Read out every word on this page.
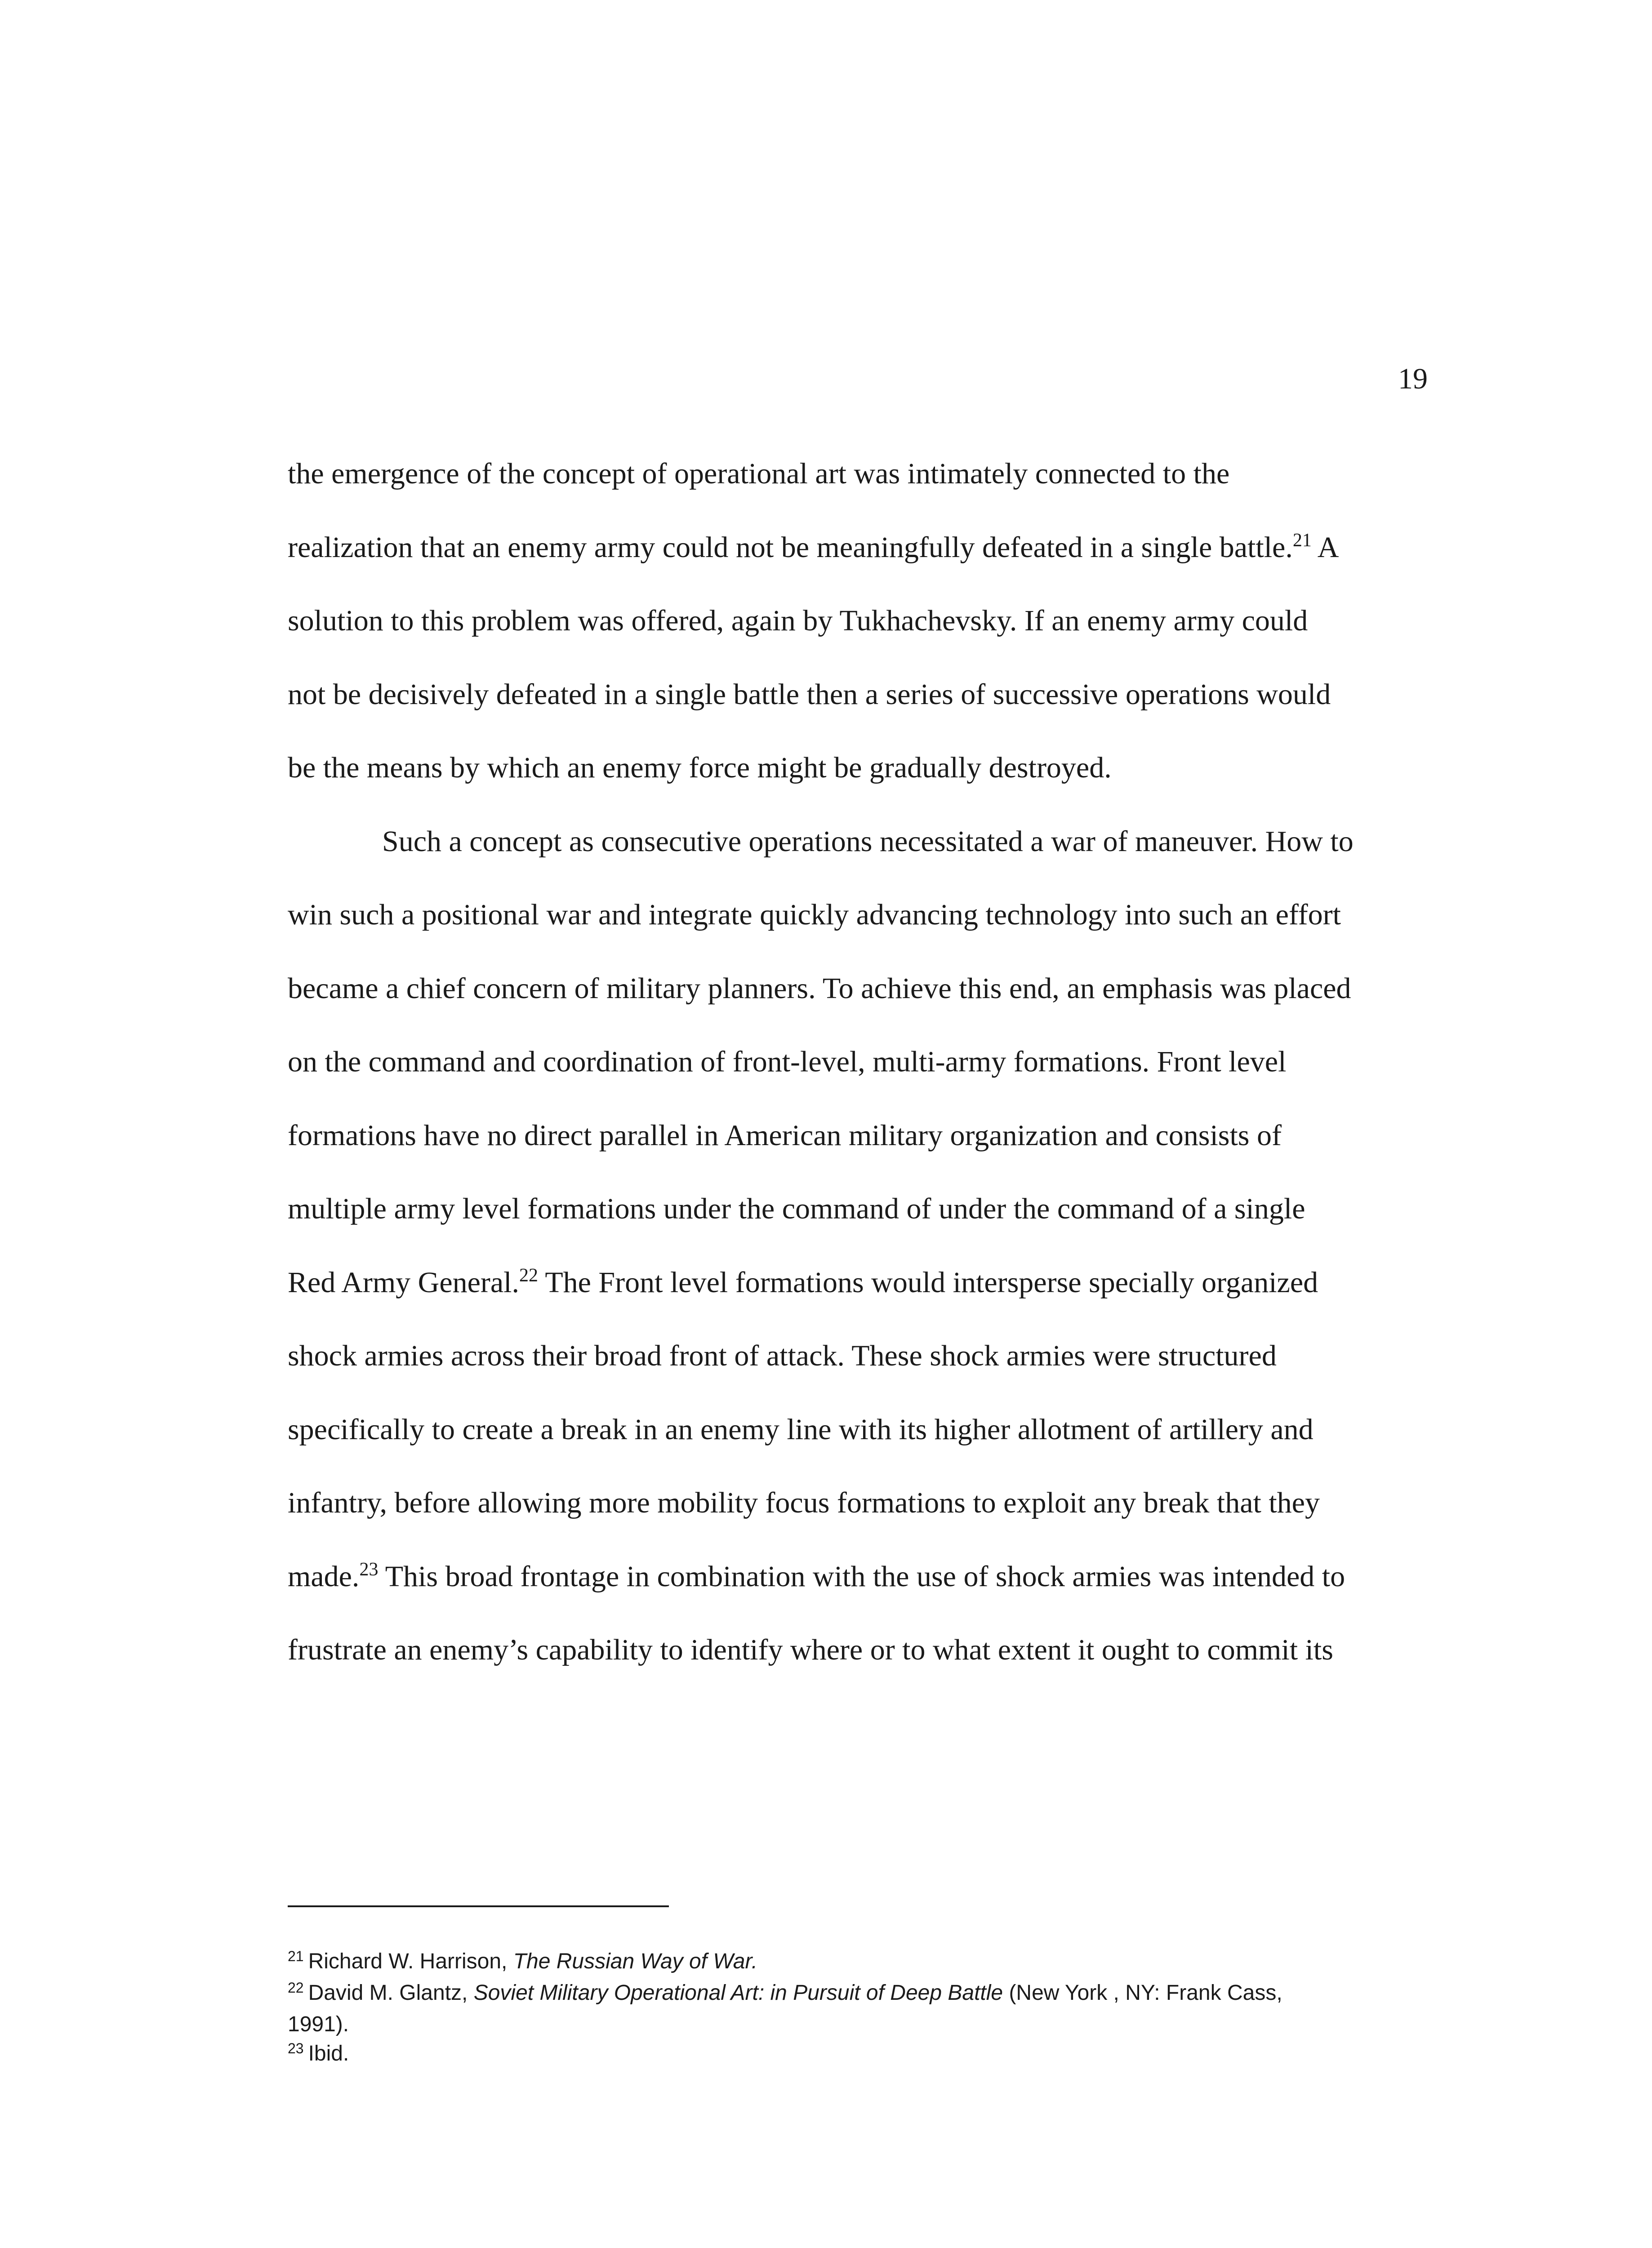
19
the emergence of the concept of operational art was intimately connected to the
realization that an enemy army could not be meaningfully defeated in a single battle.$^{21}$ A
solution to this problem was offered, again by Tukhachevsky. If an enemy army could
not be decisively defeated in a single battle then a series of successive operations would
be the means by which an enemy force might be gradually destroyed.
Such a concept as consecutive operations necessitated a war of maneuver. How to
win such a positional war and integrate quickly advancing technology into such an effort
became a chief concern of military planners. To achieve this end, an emphasis was placed
on the command and coordination of front-level, multi-army formations. Front level
formations have no direct parallel in American military organization and consists of
multiple army level formations under the command of under the command of a single
Red Army General.$^{22}$ The Front level formations would intersperse specially organized
shock armies across their broad front of attack. These shock armies were structured
specifically to create a break in an enemy line with its higher allotment of artillery and
infantry, before allowing more mobility focus formations to exploit any break that they
made.$^{23}$ This broad frontage in combination with the use of shock armies was intended to
frustrate an enemy’s capability to identify where or to what extent it ought to commit its
$^{21}$ Richard W. Harrison, The Russian Way of War.
$^{22}$ David M. Glantz, Soviet Military Operational Art: in Pursuit of Deep Battle (New York , NY: Frank Cass,
1991).
$^{23}$ Ibid.
